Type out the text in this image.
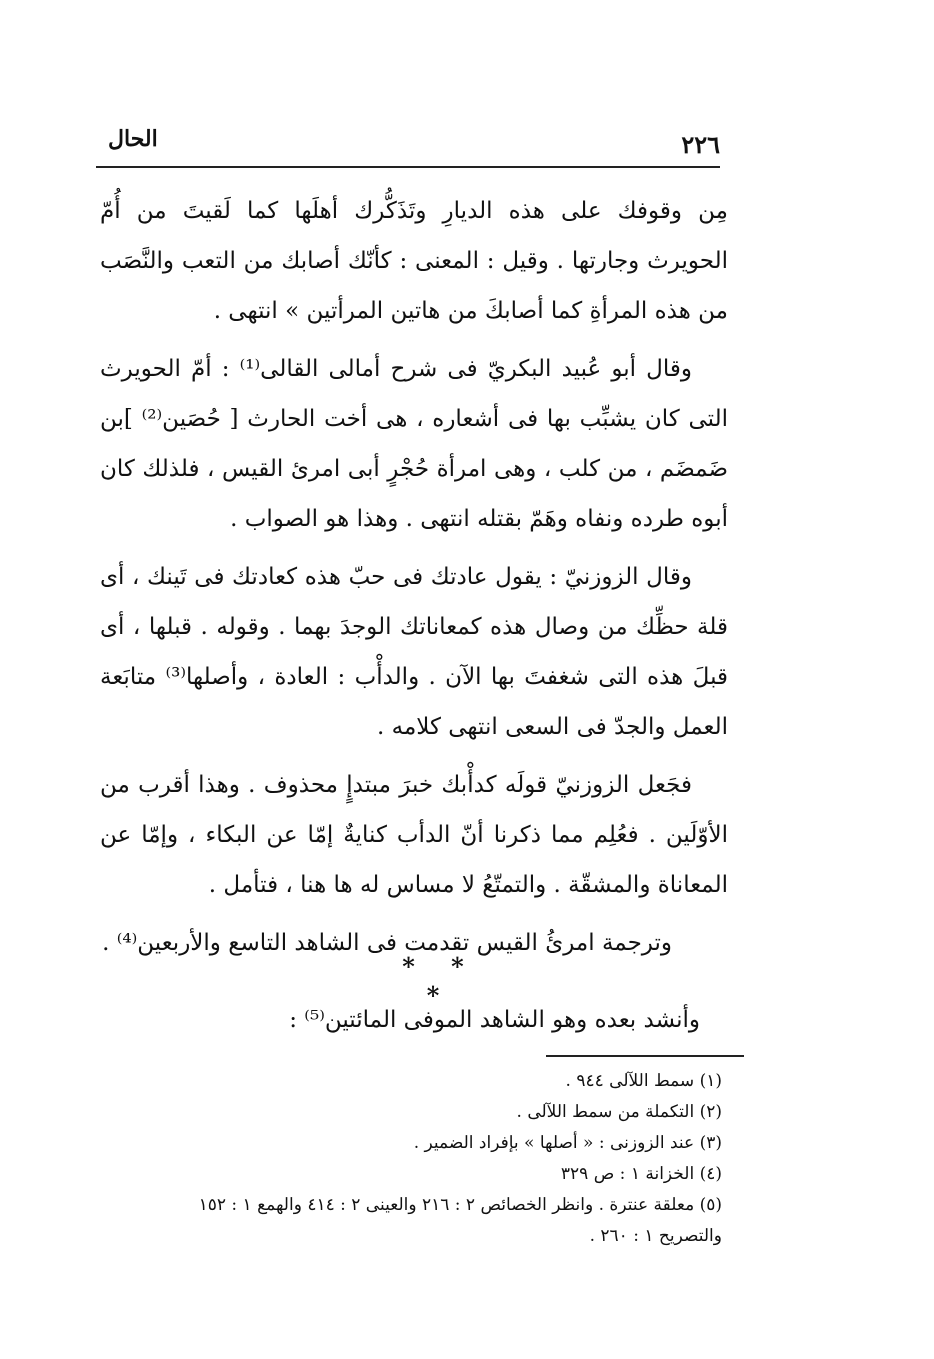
٢٢٦
الحال

مِن وقوفك على هذه الديارِ وتَذَكُّرك أهلَها كما لَقيتَ من أُمّ الحويرث وجارتها . وقيل : المعنى : كأنّك أصابك من التعب والنَّصَب من هذه المرأةِ كما أصابكَ من هاتين المرأتين » انتهى .

وقال أبو عُبيد البكريّ فى شرح أمالى القالى⁽¹⁾ : أمّ الحويرث التى كان يشبِّب بها فى أشعاره ، هى أخت الحارث [ حُصَين⁽²⁾ ]بن ضَمضَم ، من كلب ، وهى امرأة حُجْرٍ أبى امرئ القيس ، فلذلك كان أبوه طرده ونفاه وهَمّ بقتله انتهى . وهذا هو الصواب .

وقال الزوزنيّ : يقول عادتك فى حبّ هذه كعادتك فى تَينك ، أى قلة حظِّك من وصال هذه كمعاناتك الوجدَ بهما . وقوله . قبلها ، أى قبلَ هذه التى شغفتَ بها الآن . والدأْب : العادة ، وأصلها⁽³⁾ متابَعة العمل والجدّ فى السعى انتهى كلامه .

فجَعل الزوزنيّ قولَه كدأْبك خبرَ مبتدإٍ محذوف . وهذا أقرب من الأوّلَين . فعُلِم مما ذكرنا أنّ الدأب كنايةٌ إمّا عن البكاء ، وإمّا عن المعاناة والمشقّة . والتمتّعُ لا مساس له ها هنا ، فتأمل .

وترجمة امرئُ القيس تقدمت فى الشاهد التاسع والأربعين⁽⁴⁾ .

* * *
وأنشد بعده وهو الشاهد الموفى المائتين⁽⁵⁾ :

(١) سمط اللآلى ٩٤٤ .

(٢) التكملة من سمط اللآلى .

(٣) عند الزوزنى : « أصلها » بإفراد الضمير .

(٤) الخزانة ١ : ص ٣٢٩

(٥) معلقة عنترة . وانظر الخصائص ٢ : ٢١٦ والعينى ٢ : ٤١٤ والهمع ١ : ١٥٢

والتصريح ١ : ٢٦٠ .
